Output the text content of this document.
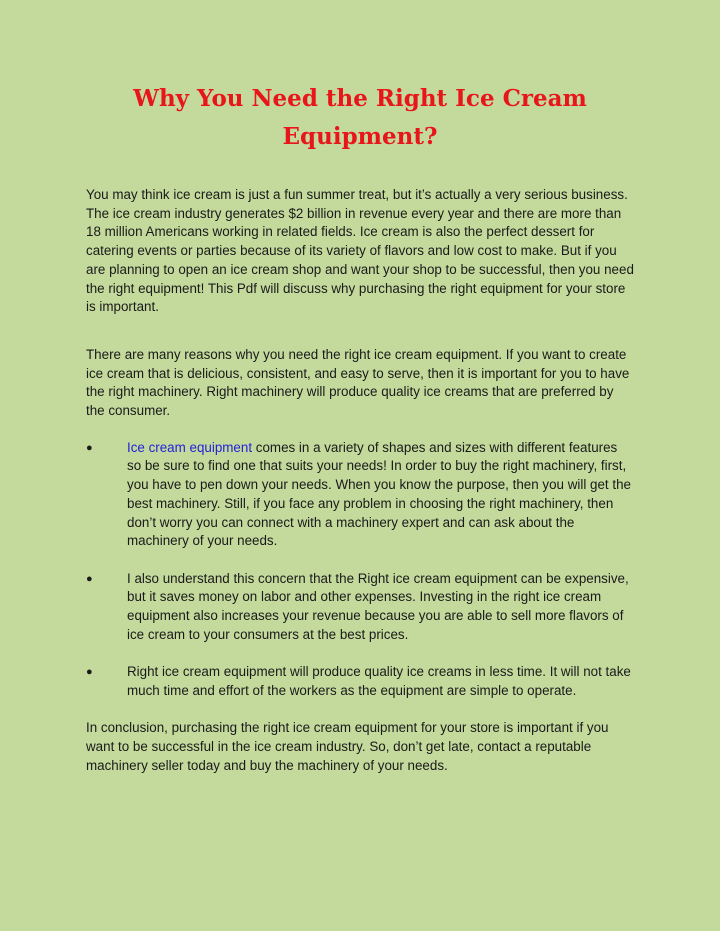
Why You Need the Right Ice Cream
Equipment?

You may think ice cream is just a fun summer treat, but it’s actually a very serious business. The ice cream industry generates $2 billion in revenue every year and there are more than 18 million Americans working in related fields. Ice cream is also the perfect dessert for catering events or parties because of its variety of flavors and low cost to make. But if you are planning to open an ice cream shop and want your shop to be successful, then you need the right equipment! This Pdf will discuss why purchasing the right equipment for your store is important.

There are many reasons why you need the right ice cream equipment. If you want to create ice cream that is delicious, consistent, and easy to serve, then it is important for you to have the right machinery. Right machinery will produce quality ice creams that are preferred by the consumer.

●	Ice cream equipment comes in a variety of shapes and sizes with different features so be sure to find one that suits your needs! In order to buy the right machinery, first, you have to pen down your needs. When you know the purpose, then you will get the best machinery. Still, if you face any problem in choosing the right machinery, then don’t worry you can connect with a machinery expert and can ask about the machinery of your needs.
●	I also understand this concern that the Right ice cream equipment can be expensive, but it saves money on labor and other expenses. Investing in the right ice cream equipment also increases your revenue because you are able to sell more flavors of ice cream to your consumers at the best prices.
●	Right ice cream equipment will produce quality ice creams in less time. It will not take much time and effort of the workers as the equipment are simple to operate.

In conclusion, purchasing the right ice cream equipment for your store is important if you want to be successful in the ice cream industry. So, don’t get late, contact a reputable machinery seller today and buy the machinery of your needs.
